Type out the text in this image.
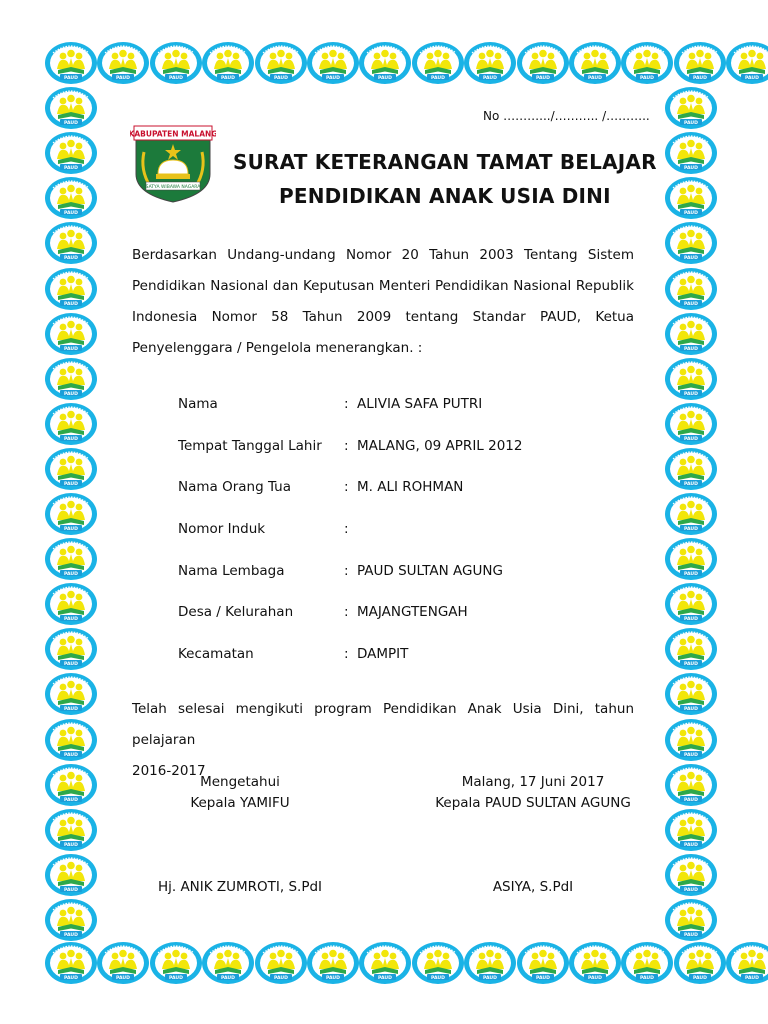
PAUD
PAUD
PAUD
PAUD
PAUD
PAUD
PAUD
PAUD
PAUD
PAUD
PAUD
PAUD
PAUD
PAUD
PAUD
PAUD
PAUD
PAUD
PAUD
PAUD
PAUD
PAUD
PAUD
PAUD
PAUD
PAUD
PAUD
PAUD
PAUD	PAUD
PAUD	PAUD
PAUD	PAUD
PAUD	PAUD
PAUD	PAUD
PAUD	PAUD
PAUD	PAUD
PAUD	PAUD
PAUD	PAUD
PAUD	PAUD
PAUD	PAUD
PAUD	PAUD
PAUD	PAUD
PAUD	PAUD
PAUD	PAUD
PAUD	PAUD
PAUD	PAUD
PAUD	PAUD
PAUD	PAUD
No ……….../……….. /………..
KABUPATEN MALANG
SATYA WIBAWA NAGARA
SURAT KETERANGAN TAMAT BELAJAR
PENDIDIKAN ANAK USIA DINI
Berdasarkan Undang-undang Nomor 20 Tahun 2003 Tentang Sistem
Pendidikan Nasional dan Keputusan Menteri Pendidikan Nasional Republik
Indonesia Nomor 58 Tahun 2009 tentang Standar PAUD, Ketua
Penyelenggara / Pengelola menerangkan. :
Nama	: ALIVIA SAFA PUTRI
Tempat Tanggal Lahir : MALANG, 09 APRIL 2012
Nama Orang Tua	: M. ALI ROHMAN
Nomor Induk	:
Nama Lembaga	: PAUD SULTAN AGUNG
Desa / Kelurahan	: MAJANGTENGAH
Kecamatan	: DAMPIT
Telah selesai mengikuti program Pendidikan Anak Usia Dini, tahun pelajaran
2016-2017
Mengetahui
Kepala YAMIFU
Hj. ANIK ZUMROTI, S.PdI
Malang, 17 Juni 2017
Kepala PAUD SULTAN AGUNG
ASIYA, S.PdI
